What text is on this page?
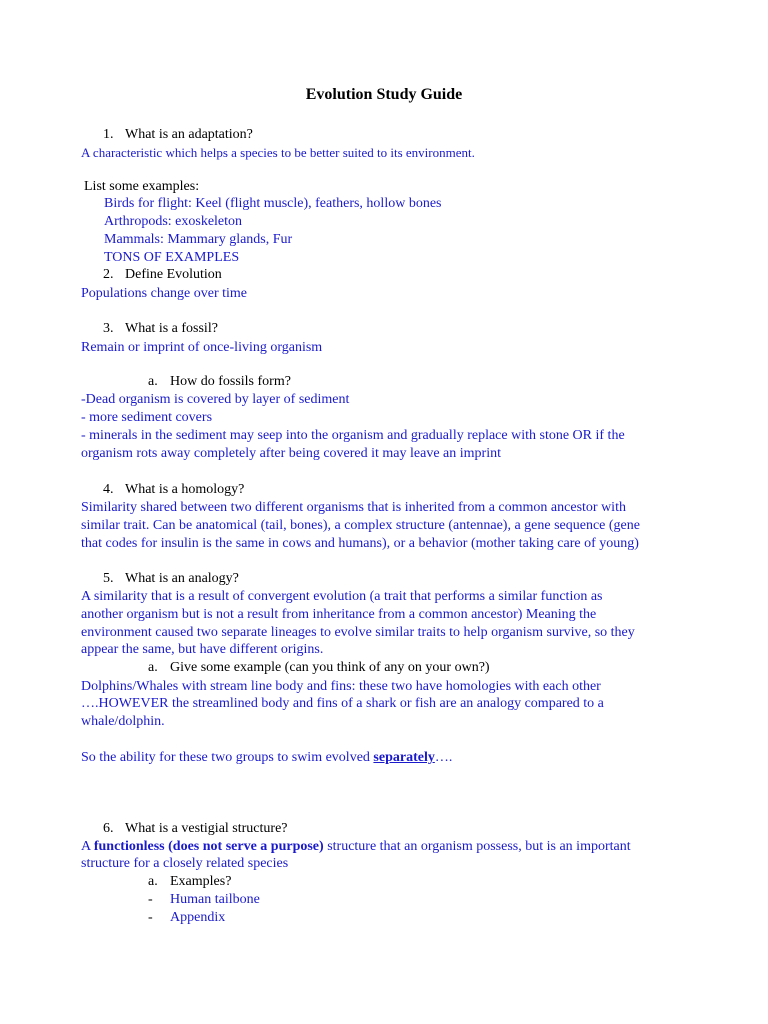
Evolution Study Guide
1. What is an adaptation?
A characteristic which helps a species to be better suited to its environment.
List some examples:
Birds for flight: Keel (flight muscle), feathers, hollow bones
Arthropods: exoskeleton
Mammals: Mammary glands, Fur
TONS OF EXAMPLES
2. Define Evolution
Populations change over time
3. What is a fossil?
Remain or imprint of once-living organism
a. How do fossils form?
-Dead organism is covered by layer of sediment
- more sediment covers
- minerals in the sediment may seep into the organism and gradually replace with stone OR if the
organism rots away completely after being covered it may leave an imprint
4. What is a homology?
Similarity shared between two different organisms that is inherited from a common ancestor with
similar trait. Can be anatomical (tail, bones), a complex structure (antennae), a gene sequence (gene
that codes for insulin is the same in cows and humans), or a behavior (mother taking care of young)
5. What is an analogy?
A similarity that is a result of convergent evolution (a trait that performs a similar function as
another organism but is not a result from inheritance from a common ancestor) Meaning the
environment caused two separate lineages to evolve similar traits to help organism survive, so they
appear the same, but have different origins.
a. Give some example (can you think of any on your own?)
Dolphins/Whales with stream line body and fins: these two have homologies with each other
….HOWEVER the streamlined body and fins of a shark or fish are an analogy compared to a
whale/dolphin.
So the ability for these two groups to swim evolved separately….
6. What is a vestigial structure?
A functionless (does not serve a purpose) structure that an organism possess, but is an important
structure for a closely related species
a. Examples?
- Human tailbone
- Appendix
